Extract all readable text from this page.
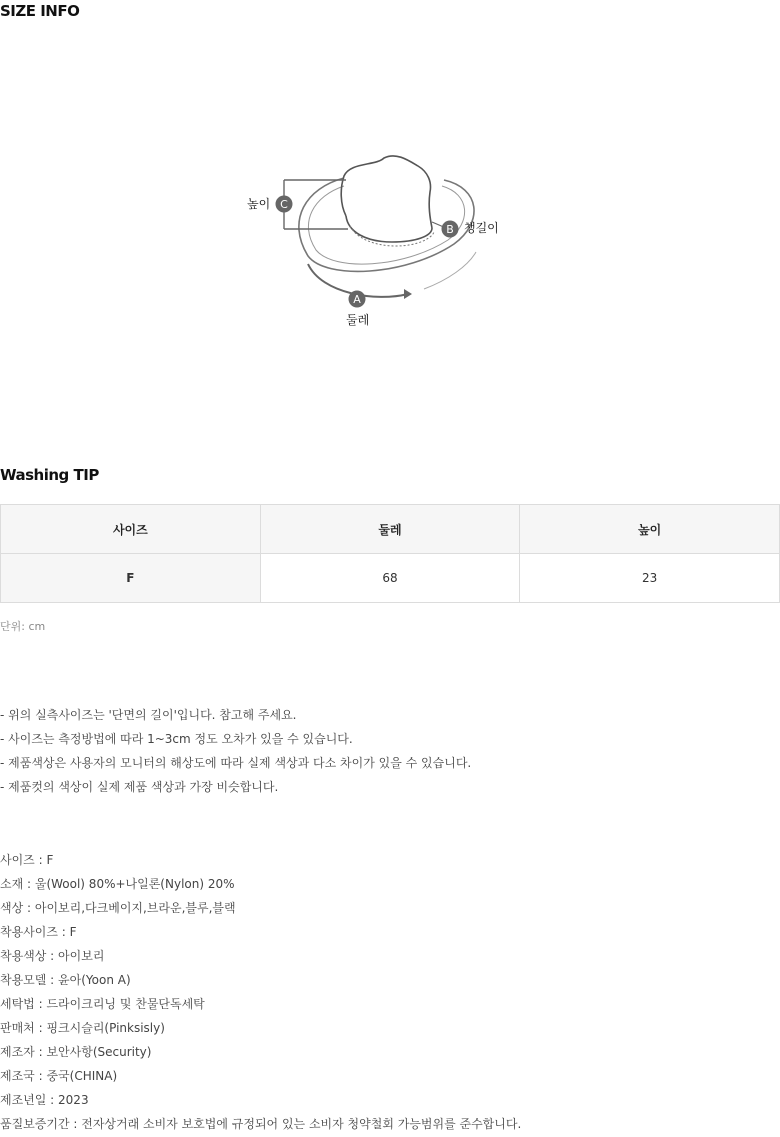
SIZE INFO
C
높이
B 챙길이
A
둘레
Washing TIP
사이즈	둘레	높이
F	68	23
단위: cm
- 위의 실측사이즈는 '단면의 길이'입니다. 참고해 주세요.
- 사이즈는 측정방법에 따라 1~3cm 정도 오차가 있을 수 있습니다.
- 제품색상은 사용자의 모니터의 해상도에 따라 실제 색상과 다소 차이가 있을 수 있습니다.
- 제품컷의 색상이 실제 제품 색상과 가장 비슷합니다.
사이즈 : F
소재 : 울(Wool) 80%+나일론(Nylon) 20%
색상 : 아이보리,다크베이지,브라운,블루,블랙
착용사이즈 : F
착용색상 : 아이보리
착용모델 : 윤아(Yoon A)
세탁법 : 드라이크리닝 및 찬물단독세탁
판매처 : 핑크시슬리(Pinksisly)
제조자 : 보안사항(Security)
제조국 : 중국(CHINA)
제조년일 : 2023
품질보증기간 : 전자상거래 소비자 보호법에 규정되어 있는 소비자 청약철회 가능범위를 준수합니다.
